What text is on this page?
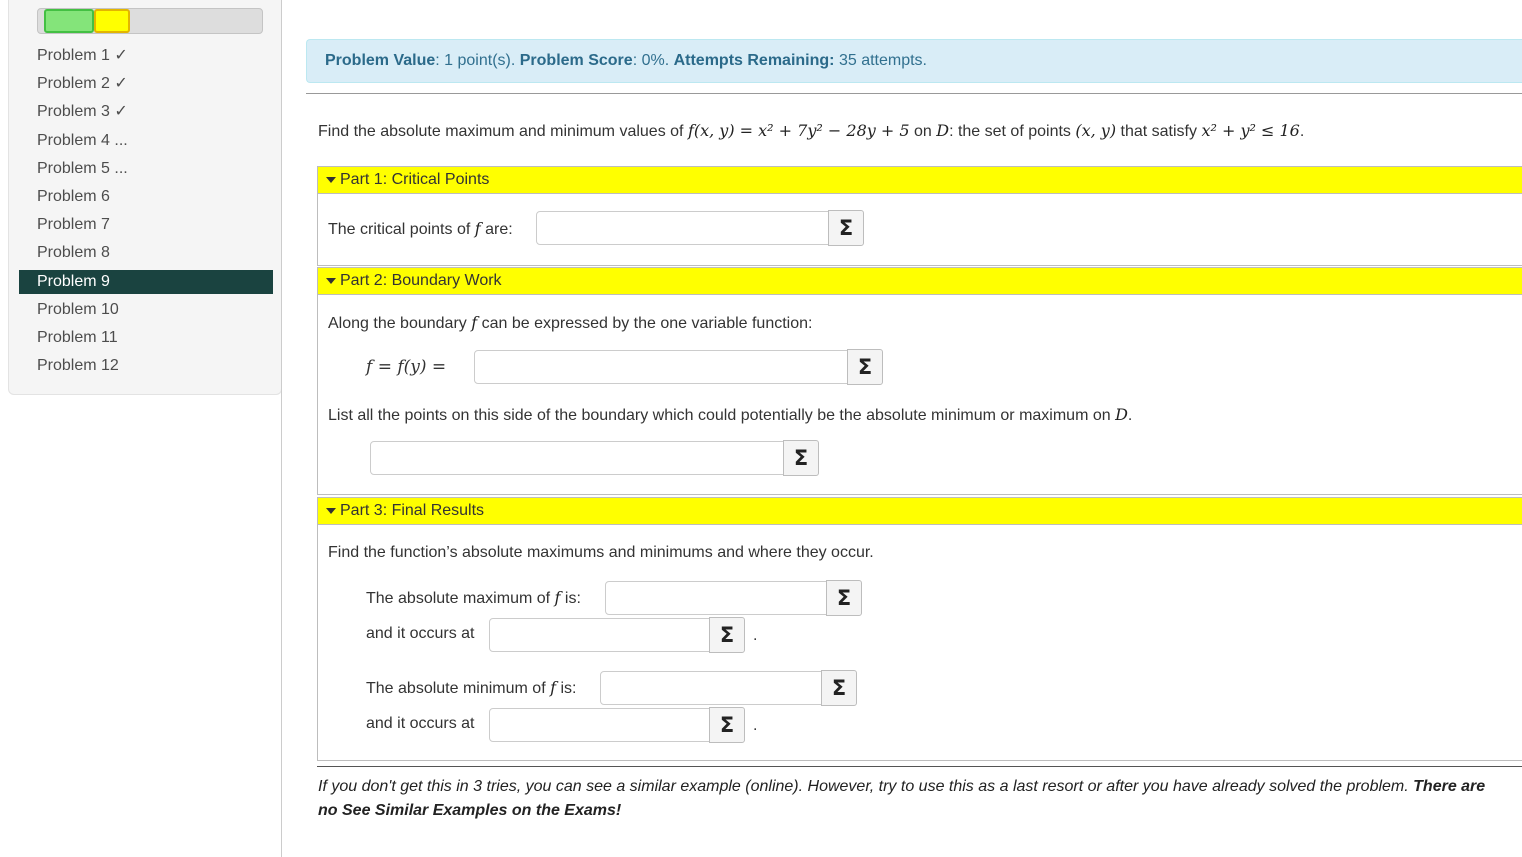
Problem 1 ✓
Problem 2 ✓
Problem 3 ✓
Problem 4 ...
Problem 5 ...
Problem 6
Problem 7
Problem 8
Problem 9
Problem 10
Problem 11
Problem 12
Problem Value: 1 point(s). Problem Score: 0%. Attempts Remaining: 35 attempts.
Find the absolute maximum and minimum values of f(x, y) = x² + 7y² − 28y + 5 on D: the set of points (x, y) that satisfy x² + y² ≤ 16.
Part 1: Critical Points
The critical points of f are:	Σ
Part 2: Boundary Work
Along the boundary f can be expressed by the one variable function:
f = f(y) =	Σ
List all the points on this side of the boundary which could potentially be the absolute minimum or maximum on D.
Σ
Part 3: Final Results
Find the function’s absolute maximums and minimums and where they occur.
The absolute maximum of f is:	Σ
and it occurs at	Σ	.
The absolute minimum of f is:	Σ
and it occurs at	Σ	.
If you don't get this in 3 tries, you can see a similar example (online). However, try to use this as a last resort or after you have already solved the problem. There are
no See Similar Examples on the Exams!
